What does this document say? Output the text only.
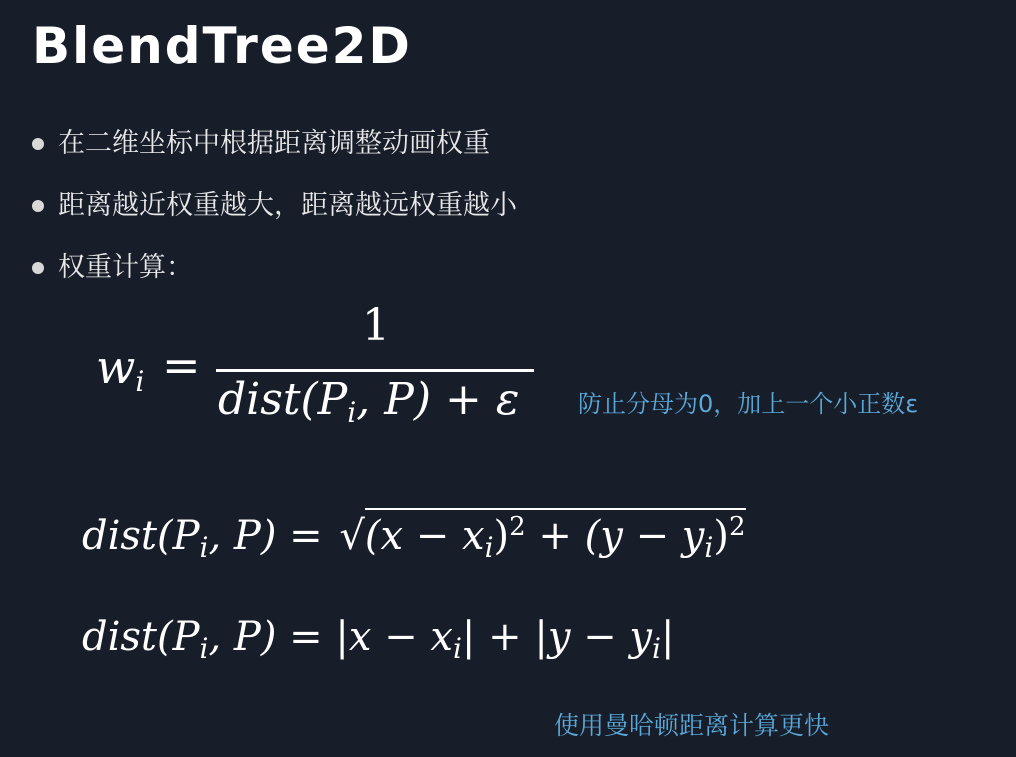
BlendTree2D
在二维坐标中根据距离调整动画权重
距离越近权重越大，距离越远权重越小
权重计算：
$w_i$ =
1
$dist(P_i$, P) + ε 防止分母为0，加上一个小正数ε
$dist(P_i$, $P) = √(x - x_i)^2 + (y - y_i)^2$
$dist(P_i$, $P) = |x - x_i| + |y - y_i|$
使用曼哈顿距离计算更快
